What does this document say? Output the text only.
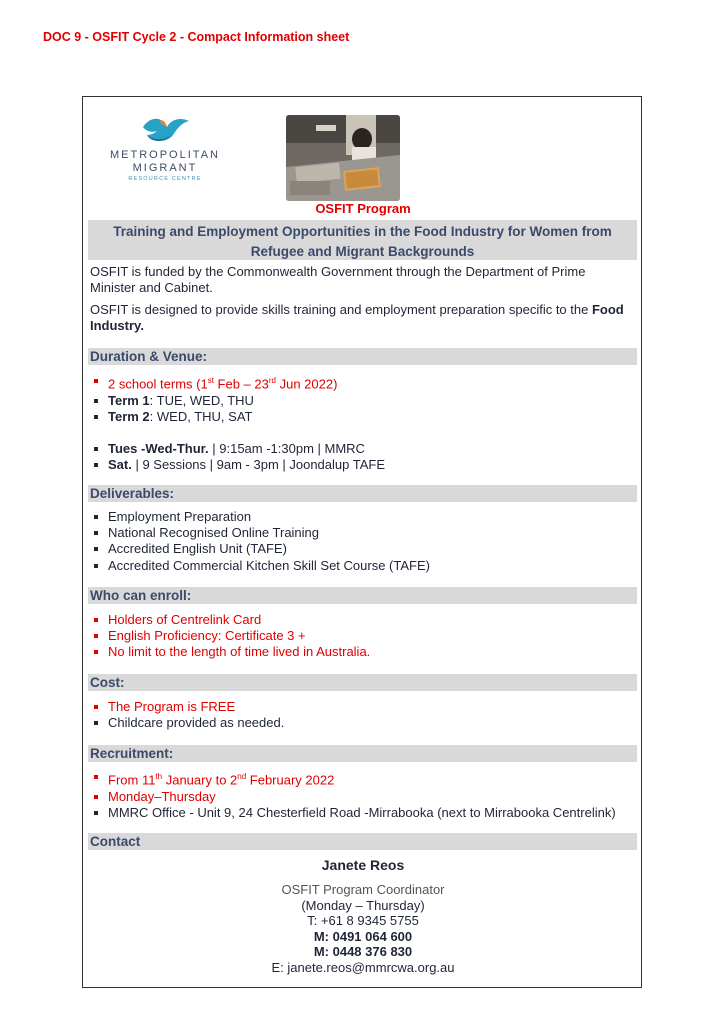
DOC 9 - OSFIT Cycle 2 - Compact Information sheet
METROPOLITAN
MIGRANT
RESOURCE CENTRE
OSFIT Program
Training and Employment Opportunities in the Food Industry for Women from
Refugee and Migrant Backgrounds
OSFIT is funded by the Commonwealth Government through the Department of Prime Minister and Cabinet.
OSFIT is designed to provide skills training and employment preparation specific to the Food Industry.
Duration & Venue:
2 school terms (1st Feb – 23rd Jun 2022)
Term 1: TUE, WED, THU
Term 2: WED, THU, SAT
Tues -Wed-Thur. | 9:15am -1:30pm | MMRC
Sat. | 9 Sessions | 9am - 3pm | Joondalup TAFE
Deliverables:
Employment Preparation
National Recognised Online Training
Accredited English Unit (TAFE)
Accredited Commercial Kitchen Skill Set Course (TAFE)
Who can enroll:
Holders of Centrelink Card
English Proficiency: Certificate 3 +
No limit to the length of time lived in Australia.
Cost:
The Program is FREE
Childcare provided as needed.
Recruitment:
From 11th January to 2nd February 2022
Monday–Thursday
MMRC Office - Unit 9, 24 Chesterfield Road -Mirrabooka (next to Mirrabooka Centrelink)
Contact
Janete Reos
OSFIT Program Coordinator
(Monday – Thursday)
T: +61 8 9345 5755
M: 0491 064 600
M: 0448 376 830
E: janete.reos@mmrcwa.org.au
